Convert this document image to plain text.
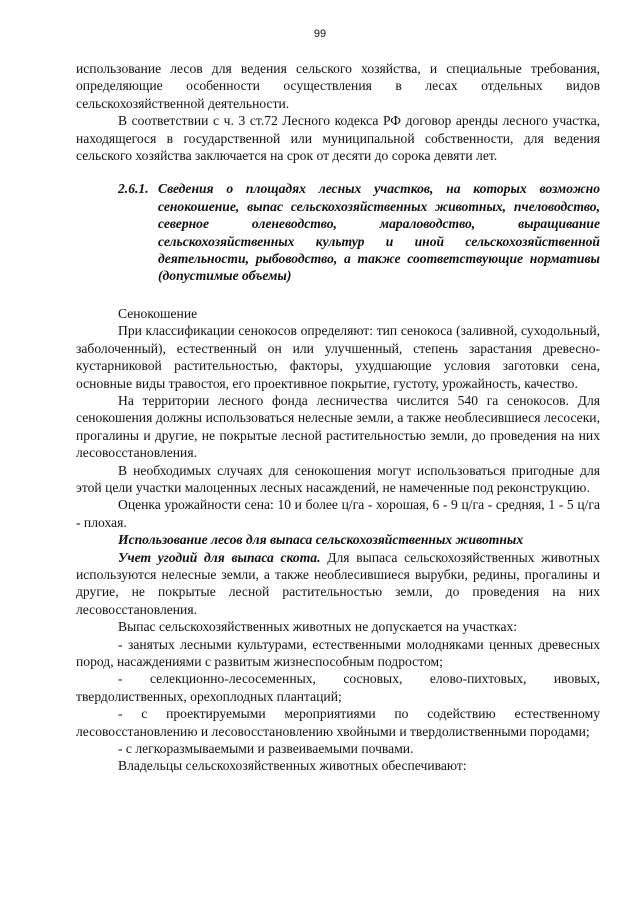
99

использование лесов для ведения сельского хозяйства, и специальные требования, определяющие особенности осуществления в лесах отдельных видов сельскохозяйственной деятельности.

В соответствии с ч. 3 ст.72 Лесного кодекса РФ договор аренды лесного участка, находящегося в государственной или муниципальной собственности, для ведения сельского хозяйства заключается на срок от десяти до сорока девяти лет.

2.6.1. Сведения о площадях лесных участков, на которых возможно сенокошение, выпас сельскохозяйственных животных, пчеловодство, северное оленеводство, мараловодство, выращивание сельскохозяйственных культур и иной сельскохозяйственной деятельности, рыбоводство, а также соответствующие нормативы (допустимые объемы)

Сенокошение

При классификации сенокосов определяют: тип сенокоса (заливной, суходольный, заболоченный), естественный он или улучшенный, степень зарастания древесно-кустарниковой растительностью, факторы, ухудшающие условия заготовки сена, основные виды травостоя, его проективное покрытие, густоту, урожайность, качество.

На территории лесного фонда лесничества числится 540 га сенокосов. Для сенокошения должны использоваться нелесные земли, а также необлесившиеся лесосеки, прогалины и другие, не покрытые лесной растительностью земли, до проведения на них лесовосстановления.

В необходимых случаях для сенокошения могут использоваться пригодные для этой цели участки малоценных лесных насаждений, не намеченные под реконструкцию.

Оценка урожайности сена: 10 и более ц/га - хорошая, 6 - 9 ц/га - средняя, 1 - 5 ц/га - плохая.

Использование лесов для выпаса сельскохозяйственных животных

Учет угодий для выпаса скота. Для выпаса сельскохозяйственных животных используются нелесные земли, а также необлесившиеся вырубки, редины, прогалины и другие, не покрытые лесной растительностью земли, до проведения на них лесовосстановления.

Выпас сельскохозяйственных животных не допускается на участках:

- занятых лесными культурами, естественными молодняками ценных древесных пород, насаждениями с развитым жизнеспособным подростом;

- селекционно-лесосеменных, сосновых, елово-пихтовых, ивовых, твердолиственных, орехоплодных плантаций;

- с проектируемыми мероприятиями по содействию естественному лесовосстановлению и лесовосстановлению хвойными и твердолиственными породами;

- с легкоразмываемыми и развеиваемыми почвами.

Владельцы сельскохозяйственных животных обеспечивают:
